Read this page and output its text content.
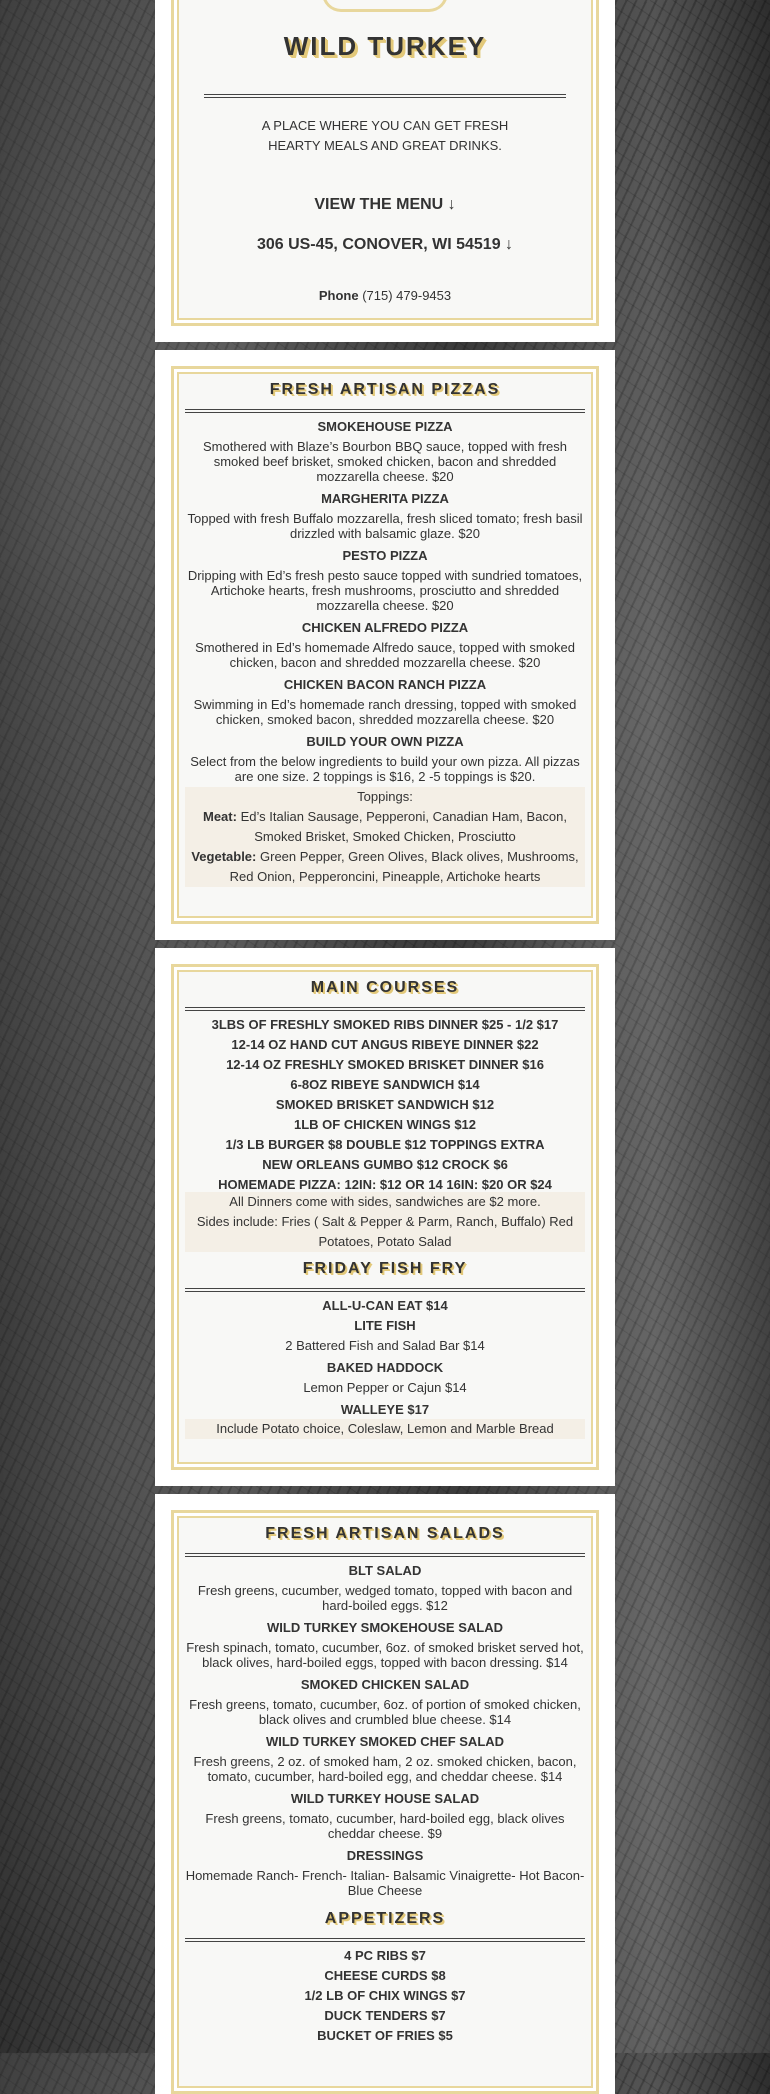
WILD TURKEY
A PLACE WHERE YOU CAN GET FRESH HEARTY MEALS AND GREAT DRINKS.
VIEW THE MENU ↓
306 US-45, CONOVER, WI 54519 ↓
Phone (715) 479-9453
FRESH ARTISAN PIZZAS
SMOKEHOUSE PIZZA
Smothered with Blaze’s Bourbon BBQ sauce, topped with fresh smoked beef brisket, smoked chicken, bacon and shredded mozzarella cheese. $20
MARGHERITA PIZZA
Topped with fresh Buffalo mozzarella, fresh sliced tomato; fresh basil drizzled with balsamic glaze. $20
PESTO PIZZA
Dripping with Ed’s fresh pesto sauce topped with sundried tomatoes, Artichoke hearts, fresh mushrooms, prosciutto and shredded mozzarella cheese. $20
CHICKEN ALFREDO PIZZA
Smothered in Ed’s homemade Alfredo sauce, topped with smoked chicken, bacon and shredded mozzarella cheese. $20
CHICKEN BACON RANCH PIZZA
Swimming in Ed’s homemade ranch dressing, topped with smoked chicken, smoked bacon, shredded mozzarella cheese. $20
BUILD YOUR OWN PIZZA
Select from the below ingredients to build your own pizza. All pizzas are one size. 2 toppings is $16, 2 -5 toppings is $20.
Toppings:
Meat: Ed’s Italian Sausage, Pepperoni, Canadian Ham, Bacon, Smoked Brisket, Smoked Chicken, Prosciutto
Vegetable: Green Pepper, Green Olives, Black olives, Mushrooms, Red Onion, Pepperoncini, Pineapple, Artichoke hearts
MAIN COURSES
3LBS OF FRESHLY SMOKED RIBS DINNER $25 - 1/2 $17
12-14 OZ HAND CUT ANGUS RIBEYE DINNER $22
12-14 OZ FRESHLY SMOKED BRISKET DINNER $16
6-8OZ RIBEYE SANDWICH $14
SMOKED BRISKET SANDWICH $12
1LB OF CHICKEN WINGS $12
1/3 LB BURGER $8 DOUBLE $12 TOPPINGS EXTRA
NEW ORLEANS GUMBO $12 CROCK $6
HOMEMADE PIZZA: 12IN: $12 OR 14 16IN: $20 OR $24
All Dinners come with sides, sandwiches are $2 more.
Sides include: Fries ( Salt & Pepper & Parm, Ranch, Buffalo) Red Potatoes, Potato Salad
FRIDAY FISH FRY
ALL-U-CAN EAT $14
LITE FISH
2 Battered Fish and Salad Bar $14
BAKED HADDOCK
Lemon Pepper or Cajun $14
WALLEYE $17
Include Potato choice, Coleslaw, Lemon and Marble Bread
FRESH ARTISAN SALADS
BLT SALAD
Fresh greens, cucumber, wedged tomato, topped with bacon and hard-boiled eggs. $12
WILD TURKEY SMOKEHOUSE SALAD
Fresh spinach, tomato, cucumber, 6oz. of smoked brisket served hot, black olives, hard-boiled eggs, topped with bacon dressing. $14
SMOKED CHICKEN SALAD
Fresh greens, tomato, cucumber, 6oz. of portion of smoked chicken, black olives and crumbled blue cheese. $14
WILD TURKEY SMOKED CHEF SALAD
Fresh greens, 2 oz. of smoked ham, 2 oz. smoked chicken, bacon, tomato, cucumber, hard-boiled egg, and cheddar cheese. $14
WILD TURKEY HOUSE SALAD
Fresh greens, tomato, cucumber, hard-boiled egg, black olives cheddar cheese. $9
DRESSINGS
Homemade Ranch- French- Italian- Balsamic Vinaigrette- Hot Bacon- Blue Cheese
APPETIZERS
4 PC RIBS $7
CHEESE CURDS $8
1/2 LB OF CHIX WINGS $7
DUCK TENDERS $7
BUCKET OF FRIES $5
